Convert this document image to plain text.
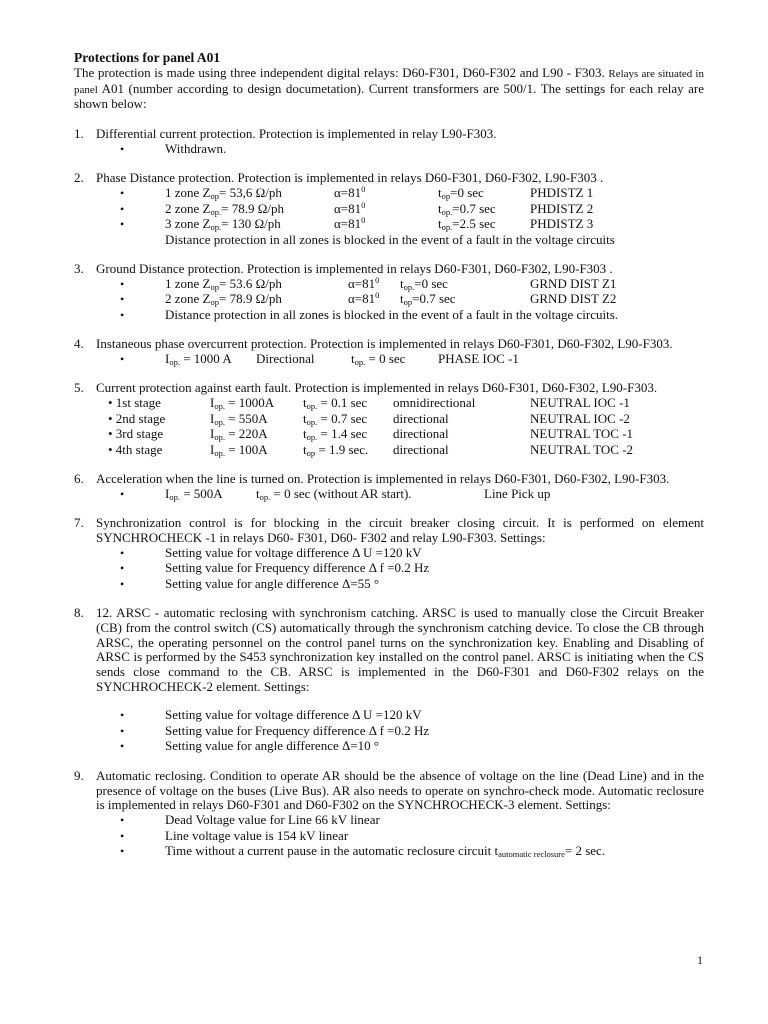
Protections for panel A01

The protection is made using three independent digital relays: D60-F301, D60-F302 and L90 - F303. Relays are situated in panel A01 (number according to design documetation). Current transformers are 500/1. The settings for each relay are shown below:

1. Differential current protection. Protection is implemented in relay L90-F303.
•	Withdrawn.
2. Phase Distance protection. Protection is implemented in relays D60-F301, D60-F302, L90-F303 .
•	1 zone $Z_{op}= 53,6$ Ω/ph	$\alpha=81^0$	$t_{op}=0$ sec	PHDISTZ 1
•	2 zone $Z_{op.}= 78.9$ Ω/ph	$\alpha=81^0$	$t_{op.}=0.7$ sec	PHDISTZ 2
•	3 zone $Z_{op.}= 130$ Ω/ph	$\alpha=81^0$	$t_{op.}=2.5$ sec	PHDISTZ 3
Distance protection in all zones is blocked in the event of a fault in the voltage circuits
3. Ground Distance protection. Protection is implemented in relays D60-F301, D60-F302, L90-F303 .
•	1 zone $Z_{op}= 53.6$ Ω/ph	$\alpha=81^0$ $t_{op.}=0$ sec	GRND DIST Z1
•	2 zone $Z_{op}= 78.9$ Ω/ph	$\alpha=81^0$ $t_{op}=0.7$ sec	GRND DIST Z2
•	Distance protection in all zones is blocked in the event of a fault in the voltage circuits.
4. Instaneous phase overcurrent protection. Protection is implemented in relays D60-F301, D60-F302, L90-F303.
•	$I_{op.} = 1000$ A Directional	$t_{op.} = 0$ sec	PHASE IOC -1
5. Current protection against earth fault. Protection is implemented in relays D60-F301, D60-F302, L90-F303.
• 1st stage	$I_{op.} = 1000A$ $t_{op.} = 0.1$ sec omnidirectional	NEUTRAL IOC -1
• 2nd stage	$I_{op.} = 550A$	$t_{op.} = 0.7$ sec directional	NEUTRAL IOC -2
• 3rd stage	$I_{op.} = 220A$	$t_{op.} = 1.4$ sec directional	NEUTRAL TOC -1
• 4th stage	$I_{op.} = 100A$	$t_{op} = 1.9$ sec. directional	NEUTRAL TOC -2
6. Acceleration when the line is turned on. Protection is implemented in relays D60-F301, D60-F302, L90-F303.
•	$I_{op.} = 500A$	$t_{op.} = 0$ sec (without AR start).	Line Pick up
7. Synchronization control is for blocking in the circuit breaker closing circuit. It is performed on element SYNCHROCHECK -1 in relays D60- F301, D60- F302 and relay L90-F303. Settings:
•	Setting value for voltage difference Δ U =120 kV
•	Setting value for Frequency difference Δ f =0.2 Hz
•	Setting value for angle difference Δ=55 °
8. 12. ARSC - automatic reclosing with synchronism catching. ARSC is used to manually close the Circuit Breaker (CB) from the control switch (CS) automatically through the synchronism catching device. To close the CB through ARSC, the operating personnel on the control panel turns on the synchronization key. Enabling and Disabling of ARSC is performed by the S453 synchronization key installed on the control panel. ARSC is initiating when the CS sends close command to the CB. ARSC is implemented in the D60-F301 and D60-F302 relays on the SYNCHROCHECK-2 element. Settings:
•	Setting value for voltage difference Δ U =120 kV
•	Setting value for Frequency difference Δ f =0.2 Hz
•	Setting value for angle difference Δ=10 °
9. Automatic reclosing. Condition to operate AR should be the absence of voltage on the line (Dead Line) and in the presence of voltage on the buses (Live Bus). AR also needs to operate on synchro-check mode. Automatic reclosure is implemented in relays D60-F301 and D60-F302 on the SYNCHROCHECK-3 element. Settings:
•	Dead Voltage value for Line 66 kV linear
•	Line voltage value is 154 kV linear
•	Time without a current pause in the automatic reclosure circuit $t_{automatic reclosure}= 2$ sec.
1
